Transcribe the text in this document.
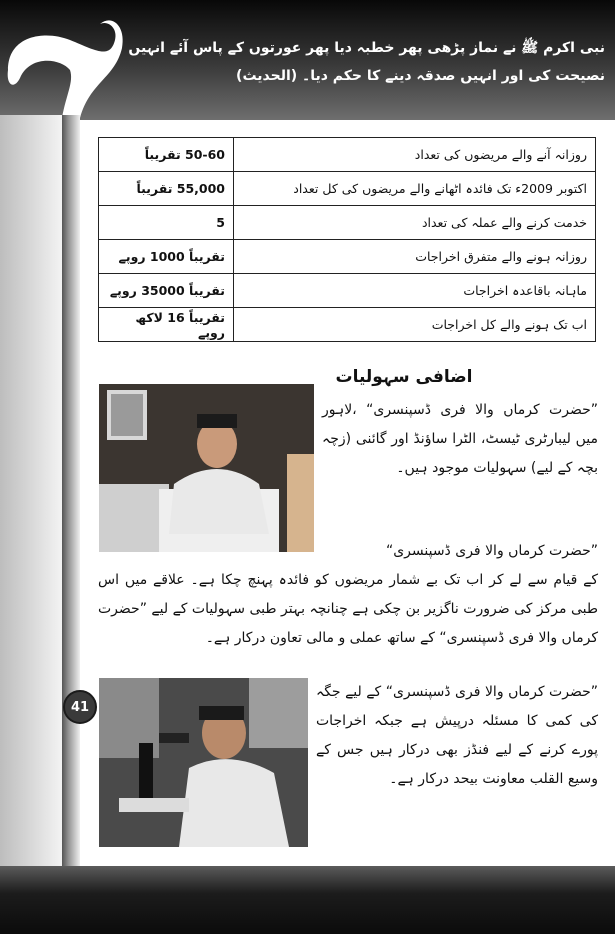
نبی اکرم ﷺ نے نماز پڑھی پھر خطبہ دیا پھر عورتوں کے پاس آئے انہیں نصیحت کی اور انہیں صدقہ دینے کا حکم دیا۔ (الحدیث)
روزانہ آنے والے مریضوں کی تعداد	50-60 تقریباً
اکتوبر 2009ء تک فائدہ اٹھانے والے مریضوں کی کل تعداد	55,000 تقریباً
خدمت کرنے والے عملہ کی تعداد	5
روزانہ ہونے والے متفرق اخراجات	تقریباً 1000 روپے
ماہانہ باقاعدہ اخراجات	تقریباً 35000 روپے
اب تک ہونے والے کل اخراجات	تقریباً 16 لاکھ روپے
اضافی سہولیات
”حضرت کرماں والا فری ڈسپنسری“ ،لاہور میں لیبارٹری ٹیسٹ، الٹرا ساؤنڈ اور گائنی (زچہ بچہ کے لیے) سہولیات موجود ہیں۔
”حضرت کرماں والا فری ڈسپنسری“
کے قیام سے لے کر اب تک بے شمار مریضوں کو فائدہ پہنچ چکا ہے۔ علاقے میں اس طبی مرکز کی ضرورت ناگزیر بن چکی ہے چنانچہ بہتر طبی سہولیات کے لیے ”حضرت کرماں والا فری ڈسپنسری“ کے ساتھ عملی و مالی تعاون درکار ہے۔
41
”حضرت کرماں والا فری ڈسپنسری“ کے لیے جگہ کی کمی کا مسئلہ درپیش ہے جبکہ اخراجات پورے کرنے کے لیے فنڈز بھی درکار ہیں جس کے وسیع القلب معاونت بیحد درکار ہے۔
